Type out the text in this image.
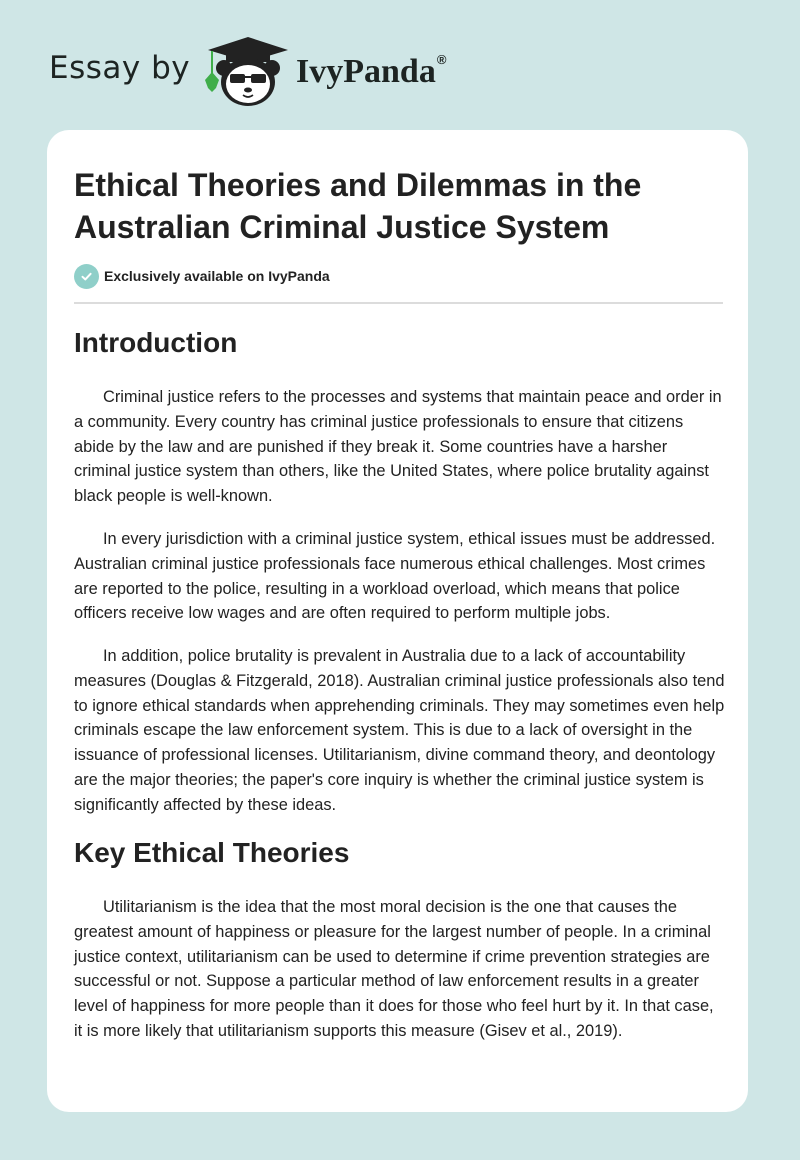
Essay by	IvyPanda®
Ethical Theories and Dilemmas in the Australian Criminal Justice System
Exclusively available on IvyPanda
Introduction

Criminal justice refers to the processes and systems that maintain peace and order in a community. Every country has criminal justice professionals to ensure that citizens abide by the law and are punished if they break it. Some countries have a harsher criminal justice system than others, like the United States, where police brutality against black people is well-known.

In every jurisdiction with a criminal justice system, ethical issues must be addressed. Australian criminal justice professionals face numerous ethical challenges. Most crimes are reported to the police, resulting in a workload overload, which means that police officers receive low wages and are often required to perform multiple jobs.

In addition, police brutality is prevalent in Australia due to a lack of accountability measures (Douglas & Fitzgerald, 2018). Australian criminal justice professionals also tend to ignore ethical standards when apprehending criminals. They may sometimes even help criminals escape the law enforcement system. This is due to a lack of oversight in the issuance of professional licenses. Utilitarianism, divine command theory, and deontology are the major theories; the paper's core inquiry is whether the criminal justice system is significantly affected by these ideas.

Key Ethical Theories

Utilitarianism is the idea that the most moral decision is the one that causes the greatest amount of happiness or pleasure for the largest number of people. In a criminal justice context, utilitarianism can be used to determine if crime prevention strategies are successful or not. Suppose a particular method of law enforcement results in a greater level of happiness for more people than it does for those who feel hurt by it. In that case, it is more likely that utilitarianism supports this measure (Gisev et al., 2019).
